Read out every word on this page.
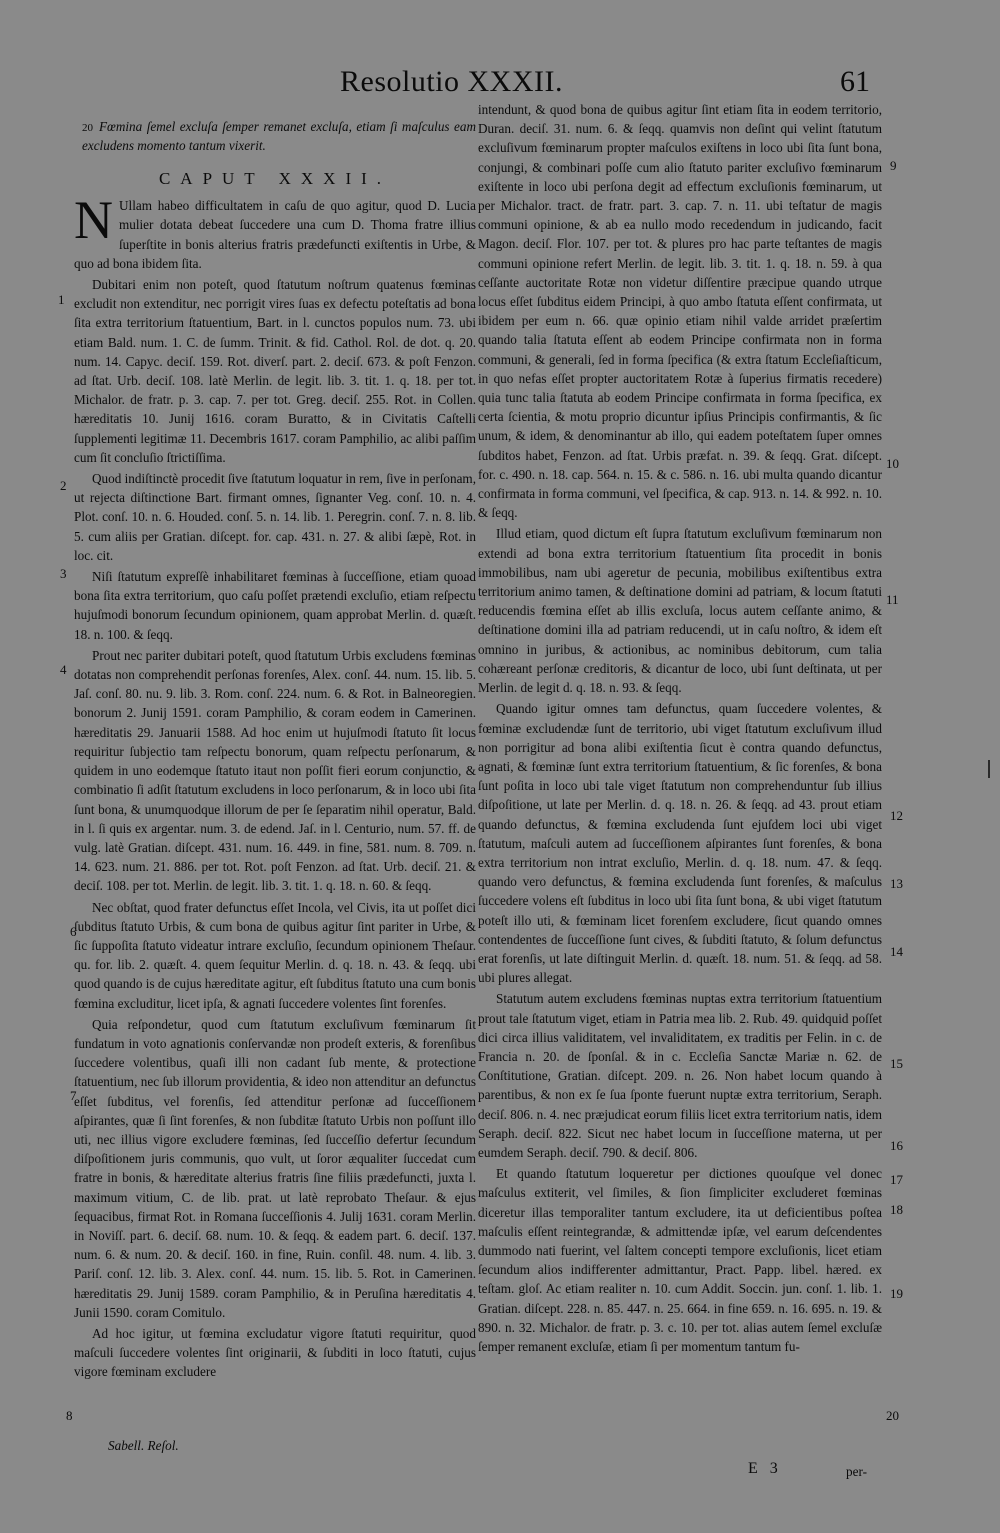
Resolutio XXXII.	61
20 Fœmina ſemel excluſa ſemper remanet excluſa, etiam ſi maſculus eam excludens momento tantum vixerit.
CAPUT XXXII.

N Ullam habeo difficultatem in caſu de quo agitur, quod D. Lucia mulier dotata debeat ſuccedere una cum D. Thoma fratre illius ſuperſtite in bonis alterius fratris prædefuncti exiſtentis in Urbe, & quo ad bona ibidem ſita.

Dubitari enim non poteſt, quod ſtatutum noſtrum quatenus fœminas excludit non extenditur, nec porrigit vires ſuas ex defectu poteſtatis ad bona ſita extra territorium ſtatuentium, Bart. in l. cunctos populos num. 73. ubi etiam Bald. num. 1. C. de ſumm. Trinit. & fid. Cathol. Rol. de dot. q. 20. num. 14. Capyc. deciſ. 159. Rot. diverſ. part. 2. deciſ. 673. & poſt Fenzon. ad ſtat. Urb. deciſ. 108. latè Merlin. de legit. lib. 3. tit. 1. q. 18. per tot. Michalor. de fratr. p. 3. cap. 7. per tot. Greg. deciſ. 255. Rot. in Collen. hæreditatis 10. Junij 1616. coram Buratto, & in Civitatis Caſtelli ſupplementi legitimæ 11. Decembris 1617. coram Pamphilio, ac alibi paſſim cum ſit concluſio ſtrictiſſima.

Quod indiſtinctè procedit ſive ſtatutum loquatur in rem, ſive in perſonam, ut rejecta diſtinctione Bart. firmant omnes, ſignanter Veg. conſ. 10. n. 4. Plot. conſ. 10. n. 6. Houded. conſ. 5. n. 14. lib. 1. Peregrin. conſ. 7. n. 8. lib. 5. cum aliis per Gratian. diſcept. for. cap. 431. n. 27. & alibi ſæpè, Rot. in loc. cit.

Niſi ſtatutum expreſſè inhabilitaret fœminas à ſucceſſione, etiam quoad bona ſita extra territorium, quo caſu poſſet prætendi excluſio, etiam reſpectu hujuſmodi bonorum ſecundum opinionem, quam approbat Merlin. d. quæſt. 18. n. 100. & ſeqq.

Prout nec pariter dubitari poteſt, quod ſtatutum Urbis excludens fœminas dotatas non comprehendit perſonas forenſes, Alex. conſ. 44. num. 15. lib. 5. Jaſ. conſ. 80. nu. 9. lib. 3. Rom. conſ. 224. num. 6. & Rot. in Balneoregien. bonorum 2. Junij 1591. coram Pamphilio, & coram eodem in Camerinen. hæreditatis 29. Januarii 1588. Ad hoc enim ut hujuſmodi ſtatuto ſit locus requiritur ſubjectio tam reſpectu bonorum, quam reſpectu perſonarum, & quidem in uno eodemque ſtatuto itaut non poſſit fieri eorum conjunctio, & combinatio ſi adſit ſtatutum excludens in loco perſonarum, & in loco ubi ſita ſunt bona, & unumquodque illorum de per ſe ſeparatim nihil operatur, Bald. in l. ſi quis ex argentar. num. 3. de edend. Jaſ. in l. Centurio, num. 57. ff. de vulg. latè Gratian. diſcept. 431. num. 16. 449. in fine, 581. num. 8. 709. n. 14. 623. num. 21. 886. per tot. Rot. poſt Fenzon. ad ſtat. Urb. deciſ. 21. & deciſ. 108. per tot. Merlin. de legit. lib. 3. tit. 1. q. 18. n. 60. & ſeqq.

Nec obſtat, quod frater defunctus eſſet Incola, vel Civis, ita ut poſſet dici ſubditus ſtatuto Urbis, & cum bona de quibus agitur ſint pariter in Urbe, & ſic ſuppoſita ſtatuto videatur intrare excluſio, ſecundum opinionem Theſaur. qu. for. lib. 2. quæſt. 4. quem ſequitur Merlin. d. q. 18. n. 43. & ſeqq. ubi quod quando is de cujus hæreditate agitur, eſt ſubditus ſtatuto una cum bonis fœmina excluditur, licet ipſa, & agnati ſuccedere volentes ſint forenſes.

Quia reſpondetur, quod cum ſtatutum excluſivum fœminarum ſit fundatum in voto agnationis conſervandæ non prodeſt exteris, & forenſibus ſuccedere volentibus, quaſi illi non cadant ſub mente, & protectione ſtatuentium, nec ſub illorum providentia, & ideo non attenditur an defunctus eſſet ſubditus, vel forenſis, ſed attenditur perſonæ ad ſucceſſionem aſpirantes, quæ ſi ſint forenſes, & non ſubditæ ſtatuto Urbis non poſſunt illo uti, nec illius vigore excludere fœminas, ſed ſucceſſio defertur ſecundum diſpoſitionem juris communis, quo vult, ut ſoror æqualiter ſuccedat cum fratre in bonis, & hæreditate alterius fratris ſine filiis prædefuncti, juxta l. maximum vitium, C. de lib. prat. ut latè reprobato Theſaur. & ejus ſequacibus, firmat Rot. in Romana ſucceſſionis 4. Julij 1631. coram Merlin. in Noviſſ. part. 6. deciſ. 68. num. 10. & ſeqq. & eadem part. 6. deciſ. 137. num. 6. & num. 20. & deciſ. 160. in fine, Ruin. conſil. 48. num. 4. lib. 3. Pariſ. conſ. 12. lib. 3. Alex. conſ. 44. num. 15. lib. 5. Rot. in Camerinen. hæreditatis 29. Junij 1589. coram Pamphilio, & in Peruſina hæreditatis 4. Junii 1590. coram Comitulo.

Ad hoc igitur, ut fœmina excludatur vigore ſtatuti requiritur, quod maſculi ſuccedere volentes ſint originarii, & ſubditi in loco ſtatuti, cujus vigore fœminam excludere

intendunt, & quod bona de quibus agitur ſint etiam ſita in eodem territorio, Duran. deciſ. 31. num. 6. & ſeqq. quamvis non deſint qui velint ſtatutum excluſivum fœminarum propter maſculos exiſtens in loco ubi ſita ſunt bona, conjungi, & combinari poſſe cum alio ſtatuto pariter excluſivo fœminarum exiſtente in loco ubi perſona degit ad effectum excluſionis fœminarum, ut per Michalor. tract. de fratr. part. 3. cap. 7. n. 11. ubi teſtatur de magis communi opinione, & ab ea nullo modo recedendum in judicando, facit Magon. deciſ. Flor. 107. per tot. & plures pro hac parte teſtantes de magis communi opinione refert Merlin. de legit. lib. 3. tit. 1. q. 18. n. 59. à qua ceſſante auctoritate Rotæ non videtur diſſentire præcipue quando utrque locus eſſet ſubditus eidem Principi, à quo ambo ſtatuta eſſent confirmata, ut ibidem per eum n. 66. quæ opinio etiam nihil valde arridet præſertim quando talia ſtatuta eſſent ab eodem Principe confirmata non in forma communi, & generali, ſed in forma ſpecifica (& extra ſtatum Eccleſiaſticum, in quo nefas eſſet propter auctoritatem Rotæ à ſuperius firmatis recedere) quia tunc talia ſtatuta ab eodem Principe confirmata in forma ſpecifica, ex certa ſcientia, & motu proprio dicuntur ipſius Principis confirmantis, & ſic unum, & idem, & denominantur ab illo, qui eadem poteſtatem ſuper omnes ſubditos habet, Fenzon. ad ſtat. Urbis præfat. n. 39. & ſeqq. Grat. diſcept. for. c. 490. n. 18. cap. 564. n. 15. & c. 586. n. 16. ubi multa quando dicantur confirmata in forma communi, vel ſpecifica, & cap. 913. n. 14. & 992. n. 10. & ſeqq.

Illud etiam, quod dictum eſt ſupra ſtatutum excluſivum fœminarum non extendi ad bona extra territorium ſtatuentium ſita procedit in bonis immobilibus, nam ubi ageretur de pecunia, mobilibus exiſtentibus extra territorium animo tamen, & deſtinatione domini ad patriam, & locum ſtatuti reducendis fœmina eſſet ab illis excluſa, locus autem ceſſante animo, & deſtinatione domini illa ad patriam reducendi, ut in caſu noſtro, & idem eſt omnino in juribus, & actionibus, ac nominibus debitorum, cum talia cohæreant perſonæ creditoris, & dicantur de loco, ubi ſunt deſtinata, ut per Merlin. de legit d. q. 18. n. 93. & ſeqq.

Quando igitur omnes tam defunctus, quam ſuccedere volentes, & fœminæ excludendæ ſunt de territorio, ubi viget ſtatutum excluſivum illud non porrigitur ad bona alibi exiſtentia ſicut è contra quando defunctus, agnati, & fœminæ ſunt extra territorium ſtatuentium, & ſic forenſes, & bona ſunt poſita in loco ubi tale viget ſtatutum non comprehenduntur ſub illius diſpoſitione, ut late per Merlin. d. q. 18. n. 26. & ſeqq. ad 43. prout etiam quando defunctus, & fœmina excludenda ſunt ejuſdem loci ubi viget ſtatutum, maſculi autem ad ſucceſſionem aſpirantes ſunt forenſes, & bona extra territorium non intrat excluſio, Merlin. d. q. 18. num. 47. & ſeqq. quando vero defunctus, & fœmina excludenda ſunt forenſes, & maſculus ſuccedere volens eſt ſubditus in loco ubi ſita ſunt bona, & ubi viget ſtatutum poteſt illo uti, & fœminam licet forenſem excludere, ſicut quando omnes contendentes de ſucceſſione ſunt cives, & ſubditi ſtatuto, & ſolum defunctus erat forenſis, ut late diſtinguit Merlin. d. quæſt. 18. num. 51. & ſeqq. ad 58. ubi plures allegat.

Statutum autem excludens fœminas nuptas extra territorium ſtatuentium prout tale ſtatutum viget, etiam in Patria mea lib. 2. Rub. 49. quidquid poſſet dici circa illius validitatem, vel invaliditatem, ex traditis per Felin. in c. de Francia n. 20. de ſponſal. & in c. Eccleſia Sanctæ Mariæ n. 62. de Conſtitutione, Gratian. diſcept. 209. n. 26. Non habet locum quando à parentibus, & non ex ſe ſua ſponte fuerunt nuptæ extra territorium, Seraph. deciſ. 806. n. 4. nec præjudicat eorum filiis licet extra territorium natis, idem Seraph. deciſ. 822. Sicut nec habet locum in ſucceſſione materna, ut per eumdem Seraph. deciſ. 790. & deciſ. 806.

Et quando ſtatutum loqueretur per dictiones quouſque vel donec maſculus extiterit, vel ſimiles, & ſion ſimpliciter excluderet fœminas diceretur illas temporaliter tantum excludere, ita ut deficientibus poſtea maſculis eſſent reintegrandæ, & admittendæ ipſæ, vel earum deſcendentes dummodo nati fuerint, vel ſaltem concepti tempore excluſionis, licet etiam ſecundum alios indifferenter admittantur, Pract. Papp. libel. hæred. ex teſtam. gloſ. Ac etiam realiter n. 10. cum Addit. Soccin. jun. conſ. 1. lib. 1. Gratian. diſcept. 228. n. 85. 447. n. 25. 664. in fine 659. n. 16. 695. n. 19. & 890. n. 32. Michalor. de fratr. p. 3. c. 10. per tot. alias autem ſemel excluſæ ſemper remanent excluſæ, etiam ſi per momentum tantum fu-

1
2
3
4
6
7
8
9
10
11
12
13
14
15
16
17
18
19
20
Sabell. Reſol.
E 3	per-
